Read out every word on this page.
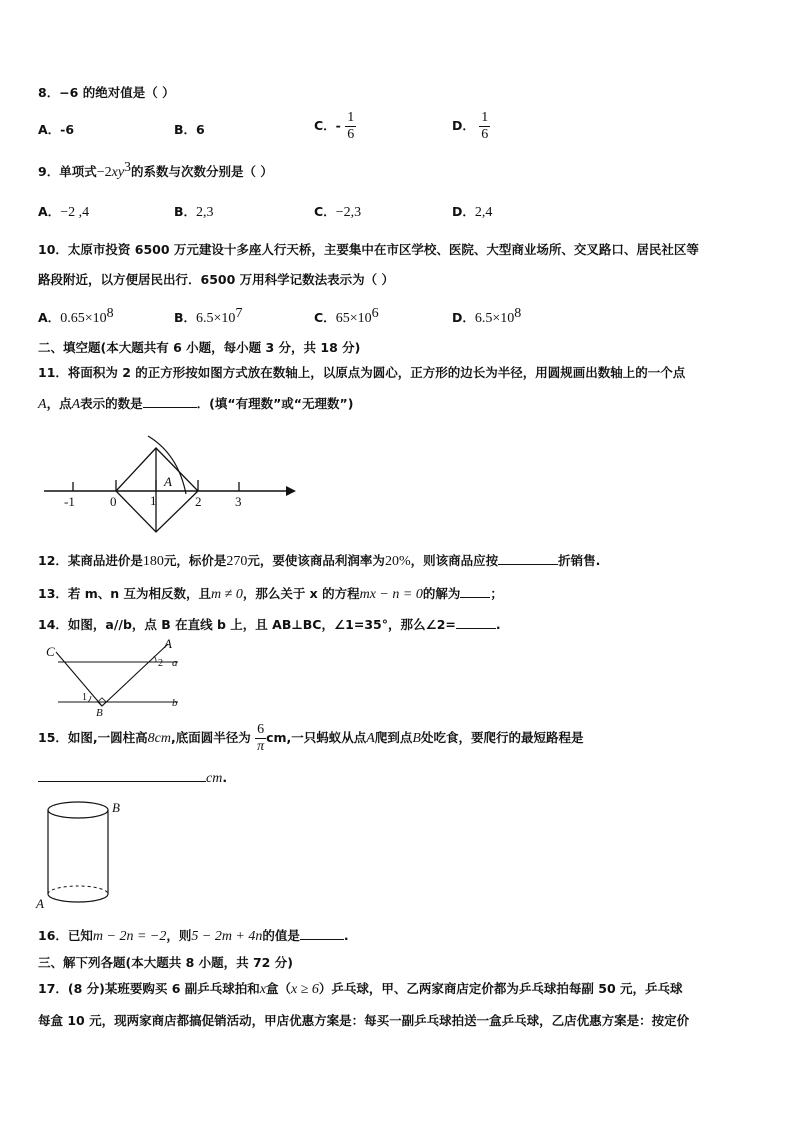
8．−6 的绝对值是（ ）
A．-6	B．6	C．- $\frac{1}{6}$	D． $\frac{1}{6}$
9．单项式$-2xy^3$的系数与次数分别是（ ）
A．−2 ,4	B．2,3	C．−2,3	D．2,4
10．太原市投资 6500 万元建设十多座人行天桥，主要集中在市区学校、医院、大型商业场所、交叉路口、居民社区等
路段附近，以方便居民出行．6500 万用科学记数法表示为（ ）
A．$0.65\times 10^8$	B．$6.5\times 10^7$	C．$65\times 10^6$	D．$6.5\times 10^8$
二、填空题(本大题共有 6 小题，每小题 3 分，共 18 分)
11．将面积为 2 的正方形按如图方式放在数轴上，以原点为圆心，正方形的边长为半径，用圆规画出数轴上的一个点
A，点A表示的数是	．(填“有理数”或“无理数”)
-1	0	1
A
2	3
12．某商品进价是180元，标价是270元，要使该商品利润率为20%，则该商品应按	折销售.
13．若 m、n 互为相反数，且m ≠ 0，那么关于 x 的方程mx − n = 0的解为 ；
14．如图，a//b，点 B 在直线 b 上，且 AB⊥BC，∠1=35°，那么∠2=	.
C
A
2 a
1
B
b
15．如图,一圆柱高8cm,底面圆半径为 $\frac{6}{\pi}$ cm,一只蚂蚁从点A爬到点B处吃食，要爬行的最短路程是
cm.
B
A
16．已知m − 2n = −2，则5 − 2m + 4n的值是	.
三、解下列各题(本大题共 8 小题，共 72 分)
17．(8 分)某班要购买 6 副乒乓球拍和x盒（x ≥ 6）乒乓球，甲、乙两家商店定价都为乒乓球拍每副 50 元，乒乓球
每盒 10 元，现两家商店都搞促销活动，甲店优惠方案是：每买一副乒乓球拍送一盒乒乓球，乙店优惠方案是：按定价
